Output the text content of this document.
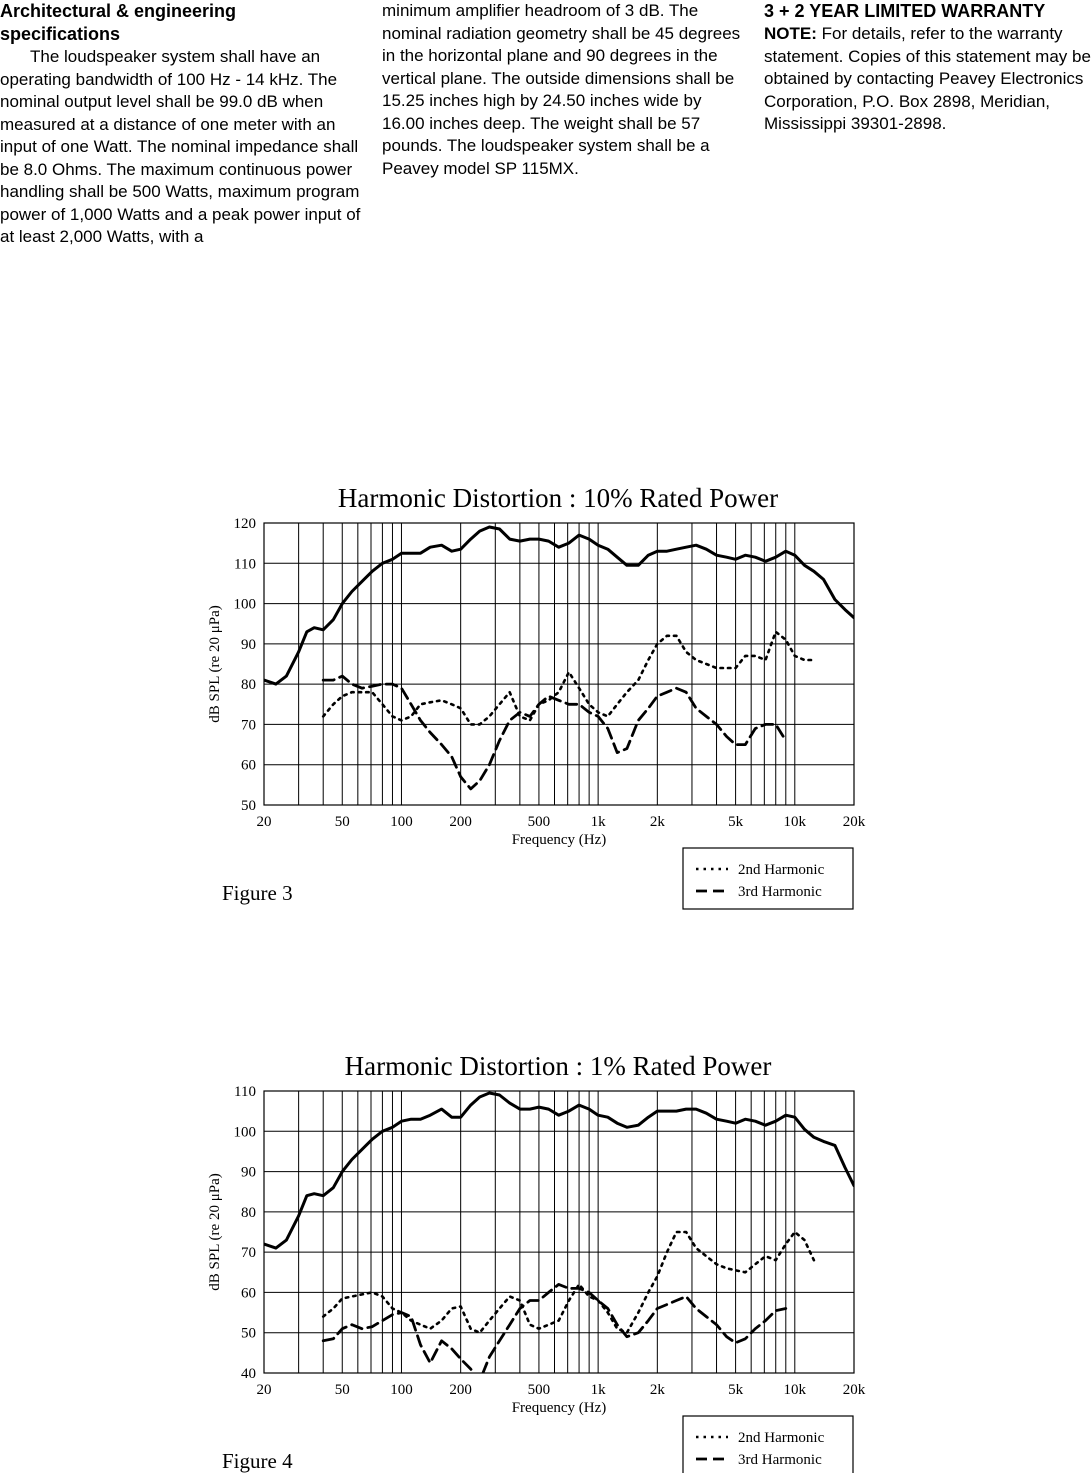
Architectural & engineering
specifications
The loudspeaker system shall have an operating bandwidth of 100 Hz - 14 kHz. The nominal output level shall be 99.0 dB when measured at a distance of one meter with an input of one Watt. The nominal impedance shall be 8.0 Ohms. The maximum continuous power handling shall be 500 Watts, maximum program power of 1,000 Watts and a peak power input of at least 2,000 Watts, with a
minimum amplifier headroom of 3 dB. The nominal radiation geometry shall be 45 degrees in the horizontal plane and 90 degrees in the vertical plane. The outside dimensions shall be 15.25 inches high by 24.50 inches wide by 16.00 inches deep. The weight shall be 57 pounds. The loudspeaker system shall be a Peavey model SP 115MX.
3 + 2 YEAR LIMITED WARRANTY
NOTE: For details, refer to the warranty statement. Copies of this statement may be obtained by contacting Peavey Electronics Corporation, P.O. Box 2898, Meridian, Mississippi 39301-2898.
Harmonic Distortion : 10% Rated Power
50
60
70
80
90
100
110
120
20	50	100 200	500	1k	2k	5k	10k 20k
Frequency (Hz)
dB SPL (re 20 μPa)
2nd Harmonic
3rd Harmonic
Figure 3
Harmonic Distortion : 1% Rated Power
40
50
60
70
80
90
100
110
20	50	100 200	500	1k	2k	5k	10k 20k
Frequency (Hz)
dB SPL (re 20 μPa)
2nd Harmonic
3rd Harmonic
Figure 4
